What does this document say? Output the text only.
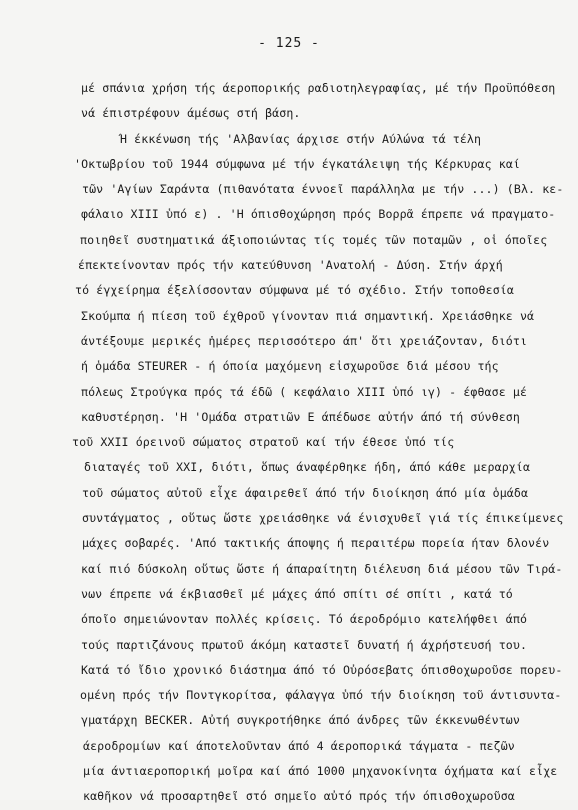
- 125 -
μέ σπάνια χρήση τής άεροπορικής ραδιοτηλεγραφίας, μέ τήν Προϋπόθεση
νά έπιστρέφουν άμέσως στή βάση.
Ή έκκένωση τής 'Αλβανίας άρχισε στήν Αύλώνα τά τέλη
'Οκτωβρίου τοῦ 1944 σύμφωνα μέ τήν έγκατάλειψη τής Κέρκυρας καί
τῶν 'Αγίων Σαράντα (πιθανότατα έννοεῖ παράλληλα με τήν ...) (Βλ. κε-
φάλαιο XIII ὑπό ε) . 'Η όπισθοχώρηση πρός Βορρᾶ έπρεπε νά πραγματο-
ποιηθεῖ συστηματικά άξιοποιώντας τίς τομές τῶν ποταμῶν , οἱ όποῖες
έπεκτείνονταν πρός τήν κατεύθυνση 'Ανατολή - Δύση. Στήν άρχή
τό έγχείρημα έξελίσσονταν σύμφωνα μέ τό σχέδιο. Στήν τοποθεσία
Σκούμπα ή πίεση τοῦ έχθροῦ γίνονταν πιά σημαντική. Χρειάσθηκε νά
άντέξουμε μερικές ἡμέρες περισσότερο άπ' ὅτι χρειάζονταν, διότι
ή ὁμάδα STEURER - ή όποία μαχόμενη εἰσχωροῦσε διά μέσου τής
πόλεως Στρούγκα πρός τά έδῶ ( κεφάλαιο XIII ὑπό ιγ) - έφθασε μέ
καθυστέρηση. 'Η 'Ομάδα στρατιῶν Ε άπέδωσε αὐτήν άπό τή σύνθεση
τοῦ XXII όρεινοῦ σώματος στρατοῦ καί τήν έθεσε ὑπό τίς
διαταγές τοῦ XXI, διότι, ὅπως άναφέρθηκε ήδη, άπό κάθε μεραρχία
τοῦ σώματος αὐτοῦ εἶχε άφαιρεθεῖ άπό τήν διοίκηση άπό μία ὁμάδα
συντάγματος , οὕτως ὥστε χρειάσθηκε νά ένισχυθεῖ γιά τίς έπικείμενες
μάχες σοβαρές. 'Από τακτικής άποψης ή περαιτέρω πορεία ήταν δλονέν
καί πιό δύσκολη οὕτως ὥστε ή άπαραίτητη διέλευση διά μέσου τῶν Τιρά-
νων έπρεπε νά έκβιασθεῖ μέ μάχες άπό σπίτι σέ σπίτι , κατά τό
όποῖο σημειώνονταν πολλές κρίσεις. Τό άεροδρόμιο κατελήφθει άπό
τούς παρτιζάνους πρωτοῦ άκόμη καταστεῖ δυνατή ή άχρήστευσή του.
Κατά τό ἴδιο χρονικό διάστημα άπό τό Οὐρόσεβατς όπισθοχωροῦσε πορευ-
ομένη πρός τήν Ποντγκορίτσα, φάλαγγα ὑπό τήν διοίκηση τοῦ άντισυντα-
γματάρχη BECKER. Αὐτή συγκροτήθηκε άπό άνδρες τῶν έκκενωθέντων
άεροδρομίων καί άποτελοῦνταν άπό 4 άεροπορικά τάγματα - πεζῶν
μία άντιαεροπορική μοῖρα καί άπό 1000 μηχανοκίνητα όχήματα καί εἶχε
καθῆκον νά προσαρτηθεῖ στό σημεῖο αὐτό πρός τήν όπισθοχωροῦσα
